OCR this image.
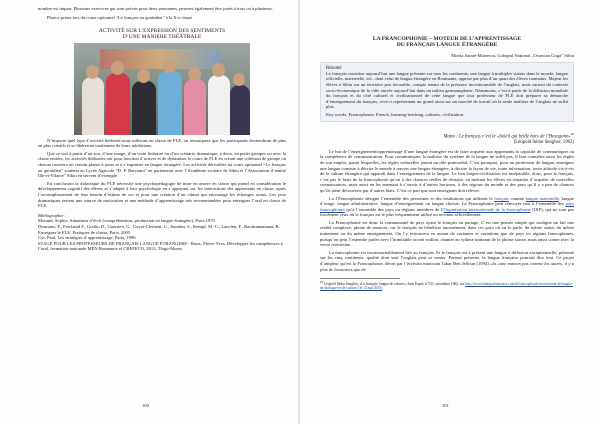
nombre est impair. Plusieurs exercices qui sont prévus pour deux personnes, peuvent également être joués à trois ou à plusieurs.

Photos prises lors du cours optionnel “Le français au quotidien” à la X-e classe

ACTIVITÉ SUR L’EXPRESSION DES SENTIMENTS
D’UNE MANIÈRE THÉÂTRALE

N’importe quel type d’activité théâtrale nous utilisons en classe de FLE, on remarquera que les participants deviendront de plus en plus créatifs et se libéreront totalement de leurs inhibitions.

Que ce soit à partir d’un son, d’une image, d’un texte littéraire ou d’un scénario dramatique, à deux, en petits groupes ou avec la classe entière, les activités théâtrales ont pour fonction d’activer et de dynamiser le cours de FLE en créant une cohésion de groupe où chacun trouvera un certain plaisir à jouer et à s’exprimer en langue étrangère. Les activités dérivalées au cours optionnel “Le français au quotidien” soutenu au Lycée Agricole “D. P. Barcianu” en partenariat avec l’Académie scolaire de Sibiu et l’Association d’amitié Ille-et-Vilaine” Sibiu en servent d’exemple.

En conclusion la didactique du FLE nécessite une psychopédagogie de mise en œuvre en classe qui prend en considération le développement cognitif des élèves et s’adapte à leur psychologie en s’appuyant sur les interactions des apprenants en classe, après l’accomplissement de leur besoin d’estime de soi et pour une création d’un climat qui encourage les échanges oraux. Les jeux dramatiques restent une source de motivation et une méthode d’apprentissage très recommandées pour enseigner l’oral en classe de FLE.

Bibliographie :

Morand, Sophie, Situations d’écrit (compréhension, production en langue étrangère), Paris,1979

Desmons, F., Ferchaud F., Godin, D., Guerrien, G., Guyot-Clement, C., Jourdan, S., Kempf, M.-C., Lanclen, F., Racakamamana, R. Enseigner le FLE. Pratiques de classe, Paris, 2005

Cyr, Paul, Les stratégies d’apprentissage, Paris, 1996

STAGE POUR LES PROFESSEURS DE FRANÇAIS LANGUE ETRANGERE - Roux, Pierre-Yves, Développer les compétences à l’oral, formation nationale MEN Roumanie et CREFECO, 2013, Târgu-Mureș

100
LA FRANCOPHONIE – MOTEUR DE L’APPRENTISSAGE
DU FRANÇAIS LANGUE ÉTRANGÈRE
Mirela Istrate-Mateescu, Colegiul Național „Octavian Goga” Sibiu

Résumé

Le français constitue aujourd’hui une langue présente sur tous les continents, une langue à multiples statuts dans le monde, langue officielle, maternelle, etc., dont celui de langue étrangère en Roumanie, apprise par plus d’un quart des élèves roumains. Majeur les élèves à Sibiu sur un territoire peu favorable, compte tenant de la présence incontournable de l’anglais, mais surtout du contexte socio-économique de la ville ancrée aujourd’hui dans un milieu germanophone. Néanmoins, c’est à partir de la diffusion mondiale du français et du côté culturel et civilisationnel de cette langue que tout professeur de FLE doit préparer sa démarche d’enseignement du français, ceci-ci représentant un grand atout sur un marché de travail où la seule maîtrise de l’anglais ne suffit plus.

Key words: Francophonie, French, learning-teaching, cultures, civilization.

Motto : Le français c’est le «Soleil qui brille hors de l’Hexagone»$^{18}$
(Léopold Sédar Senghor, 1962)

Le but de l’enseignement/apprentissage d’une langue étrangère est de faire acquérir aux apprenants la capacité de communiquer ou la compétence de communication. Pour communiquer, la maîtrise du système de la langue ne suffit pas, il faut connaître aussi les règles de son emploi, parmi lesquelles, les règles culturelles jouent un rôle primordial. C’est pourquoi, pour un professeur de langue, enseigner une langue consiste à décrire le monde à travers une langue étrangère, à décrire la façon de vie, toute information, toute attitude vis-à-vis de la culture étrangère qui apparaît dans l’enseignement de la langue. Le lien langue-civilisation est inséparable, donc, pour le français, c’est par le biais de la francophonie qu’on a des chances réelles de réussite, en mettant les élèves en situation d’acquérir de nouvelles connaissances, mais aussi en les amenant à s’ouvrir à d’autres horizons, à des régions du monde et des pays qu’il y a peu de chances qu’ils aient découverts par d’autres biais. C’est ce pari que tout enseignant doit relever.

La l’Francophonie désigne l’ensemble des personnes et des institutions qui utilisent le français comme langue maternelle, langue d’usage, langue administrative, langue d’enseignement ou langue choisie. La Francophonie peut renvoyer tant à l’ensemble des pays francophones qu’à l’ensemble des pays ou régions membres de l’Organisation internationale de la francophonie (OIF), qui ne sont pas forcément ceux où le français est le plus fréquemment utilisé ou reconnu officiellement.

La Francophonie est donc la communauté de pays ayant le français en partage. C’est une pensée simple qui souligne un fait une réalité complexe, pleine de nuances, car le français ne bénéficie aucunement, dans ces pays où on le parle, du même statut, du même traitement ou du même enseignement. On l’y retrouvera en autant de variantes et variations que de pays ou régions francophones, puisqu’on peut l’entendre parler avec l’inimitable accent wallon, chanter au rythme tintinant de la phrase suisse, mais aussi conter avec la verve ivoirienne.

La francophonie est incontournablement liée au français. Et le français est à présent une langue à diffusion exceptionnelle, présente sur les cinq continents, qualité dont seul l’anglais peut se vanter. Partout présente, la langue française pourrait dire tout. Ce projet d’ampleur qu’est la Francophonie, décrit par l’écrivain marocain Tahar Ben Jelloun (1994) «la «une maison pas comme les autres, il y a plus de locataires que de

$^{18}$ Léopold Sédar Senghor, «Le français, langue de culture», dans Esprit, n°311, novembre 1962, sur http://www.lalanguefrancaise.com/la-francophonie-mouvement-de-langue-de-dialogue-et-de-culture/ (le 13 mai 2015)

101
